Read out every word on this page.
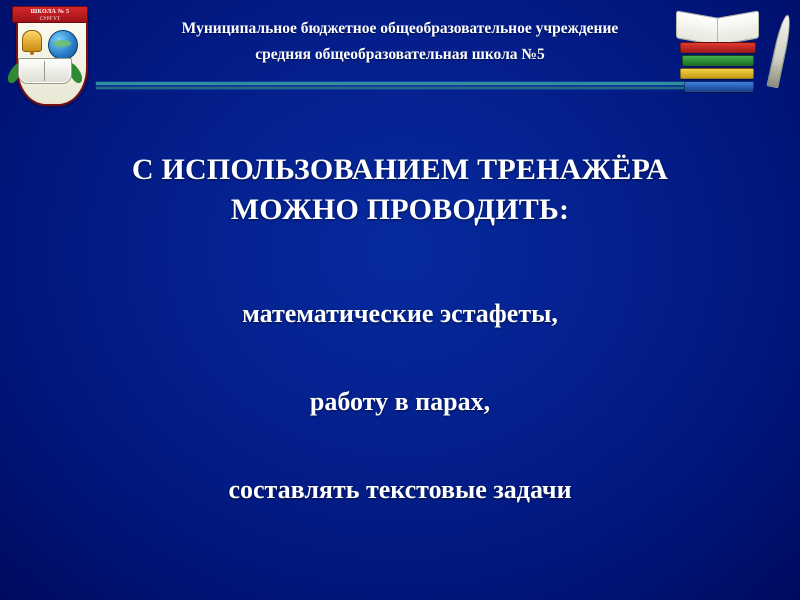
ШКОЛА № 5
СУРГУТ
Муниципальное бюджетное общеобразовательное учреждение
средняя общеобразовательная школа №5
С ИСПОЛЬЗОВАНИЕМ ТРЕНАЖЁРА
МОЖНО ПРОВОДИТЬ:
математические эстафеты,
работу в парах,
составлять текстовые задачи
